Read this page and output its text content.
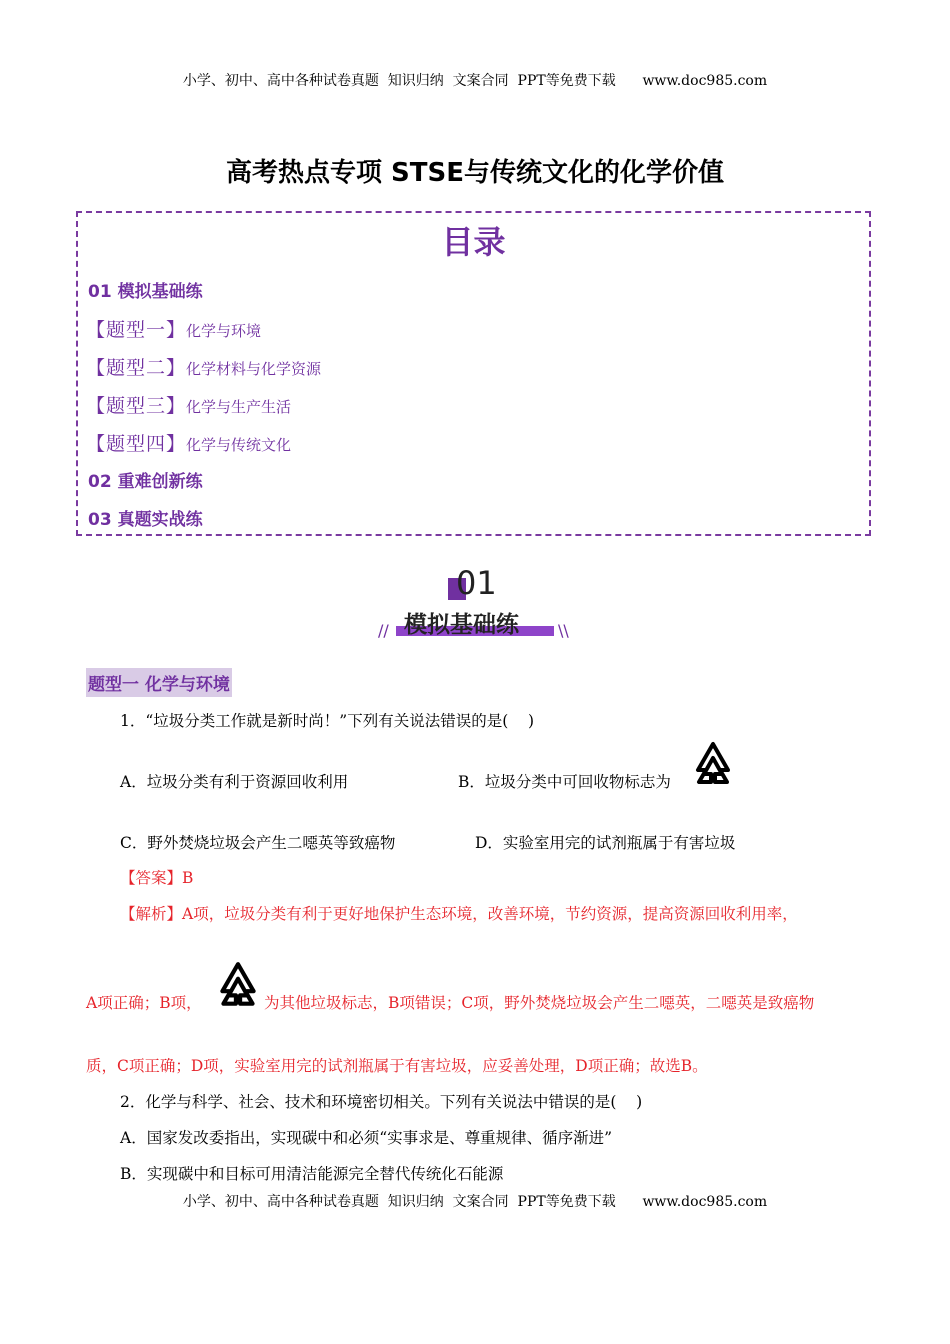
小学、初中、高中各种试卷真题  知识归纳  文案合同  PPT等免费下载      www.doc985.com
高考热点专项 STSE与传统文化的化学价值
目录
01 模拟基础练
【题型一】化学与环境
【题型二】化学材料与化学资源
【题型三】化学与生产生活
【题型四】化学与传统文化
02 重难创新练
03 真题实战练
//	\\
01
模拟基础练
题型一 化学与环境
1．“垃圾分类工作就是新时尚！”下列有关说法错误的是(    )
A．垃圾分类有利于资源回收利用	B．垃圾分类中可回收物标志为
C．野外焚烧垃圾会产生二噁英等致癌物	D．实验室用完的试剂瓶属于有害垃圾
【答案】B
【解析】A项，垃圾分类有利于更好地保护生态环境，改善环境，节约资源，提高资源回收利用率，
A项正确；B项，	为其他垃圾标志，B项错误；C项，野外焚烧垃圾会产生二噁英，二噁英是致癌物
质，C项正确；D项，实验室用完的试剂瓶属于有害垃圾，应妥善处理，D项正确；故选B。
2．化学与科学、社会、技术和环境密切相关。下列有关说法中错误的是(    )
A．国家发改委指出，实现碳中和必须“实事求是、尊重规律、循序渐进”
B．实现碳中和目标可用清洁能源完全替代传统化石能源
小学、初中、高中各种试卷真题  知识归纳  文案合同  PPT等免费下载      www.doc985.com
